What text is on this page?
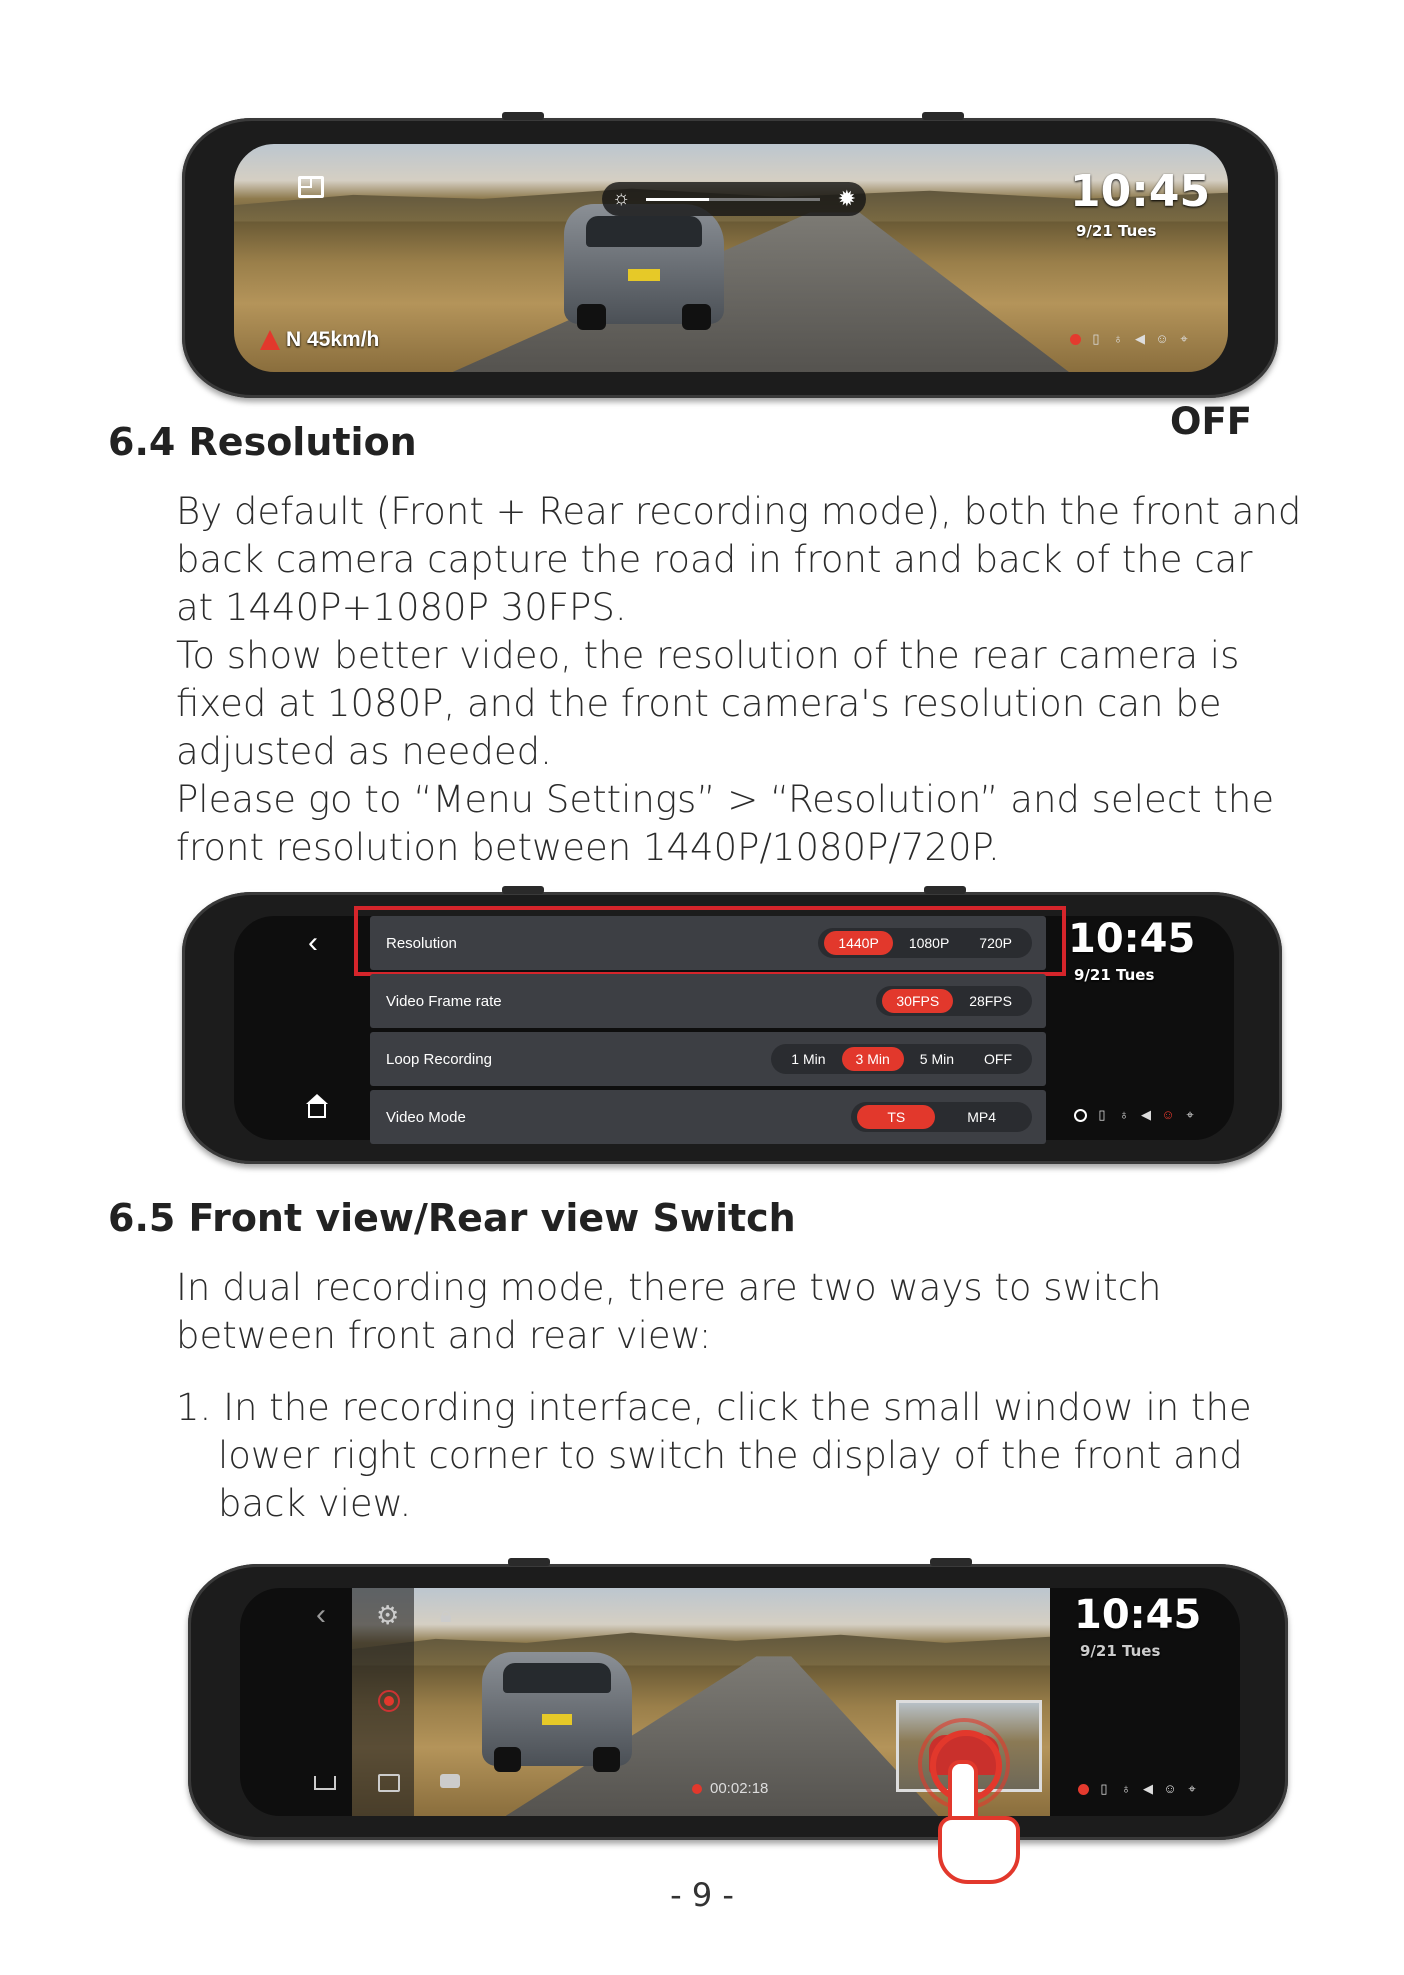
☼	✹	10:45
9/21 Tues
N 45km/h	▯ ♁ ◀ ☺ ⌖
OFF
6.4 Resolution
By default (Front + Rear recording mode), both the front and
back camera capture the road in front and back of the car
at 1440P+1080P 30FPS.
To show better video, the resolution of the rear camera is
fixed at 1080P, and the front camera's resolution can be
adjusted as needed.
Please go to “Menu Settings” > “Resolution” and select the
front resolution between 1440P/1080P/720P.
‹	Resolution	1440P	1080P	720P
Video Frame rate	30FPS	28FPS
Loop Recording	1 Min	3 Min	5 Min	OFF
Video Mode	TS	MP4
10:45
9/21 Tues
▯ ♁ ◀ ☺ ⌖
6.5 Front view/Rear view Switch
In dual recording mode, there are two ways to switch
between front and rear view:
1. In the recording interface, click the small window in the
lower right corner to switch the display of the front and
back view.
‹ ⚙ 🔒︎
00:02:18
10:45
9/21 Tues
▯ ♁ ◀ ☺ ⌖
- 9 -
